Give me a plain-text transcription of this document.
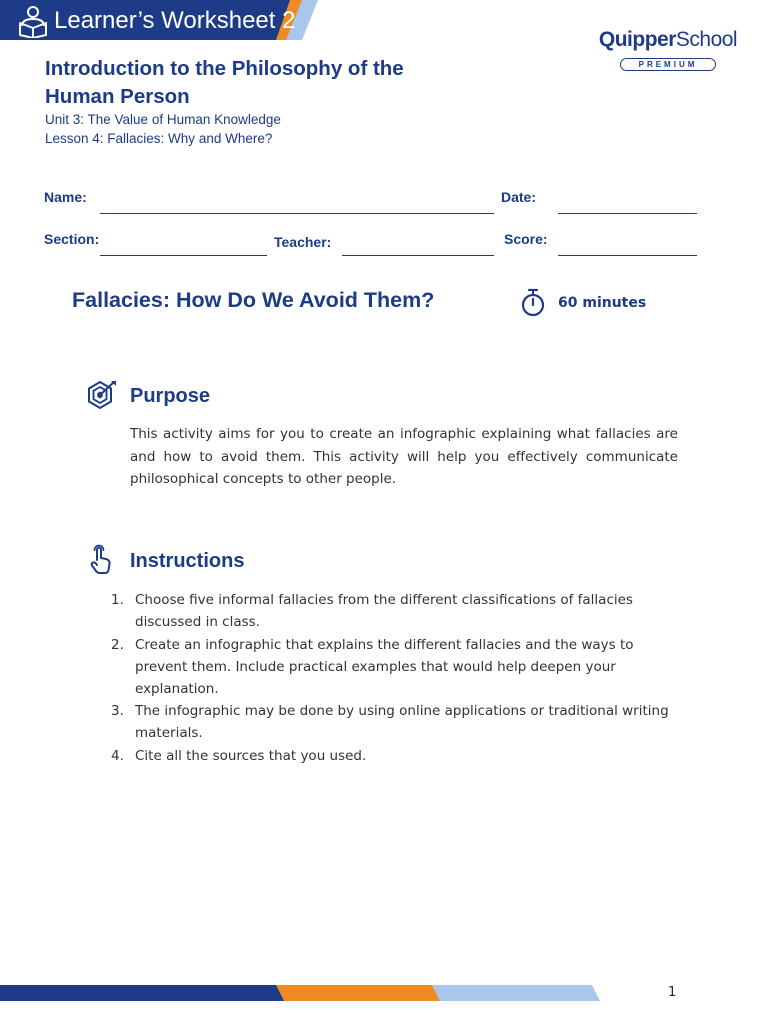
Learner’s Worksheet 2
QuipperSchool
PREMIUM
Introduction to the Philosophy of the Human Person
Unit 3: The Value of Human Knowledge
Lesson 4: Fallacies: Why and Where?
Name:	Date:
Section:	Teacher:	Score:
Fallacies: How Do We Avoid Them?	60 minutes
Purpose
This activity aims for you to create an infographic explaining what fallacies are and how to avoid them. This activity will help you effectively communicate philosophical concepts to other people.
Instructions
1. Choose five informal fallacies from the different classifications of fallacies discussed in class.
2. Create an infographic that explains the different fallacies and the ways to prevent them. Include practical examples that would help deepen your explanation.
3. The infographic may be done by using online applications or traditional writing materials.
4. Cite all the sources that you used.
1
